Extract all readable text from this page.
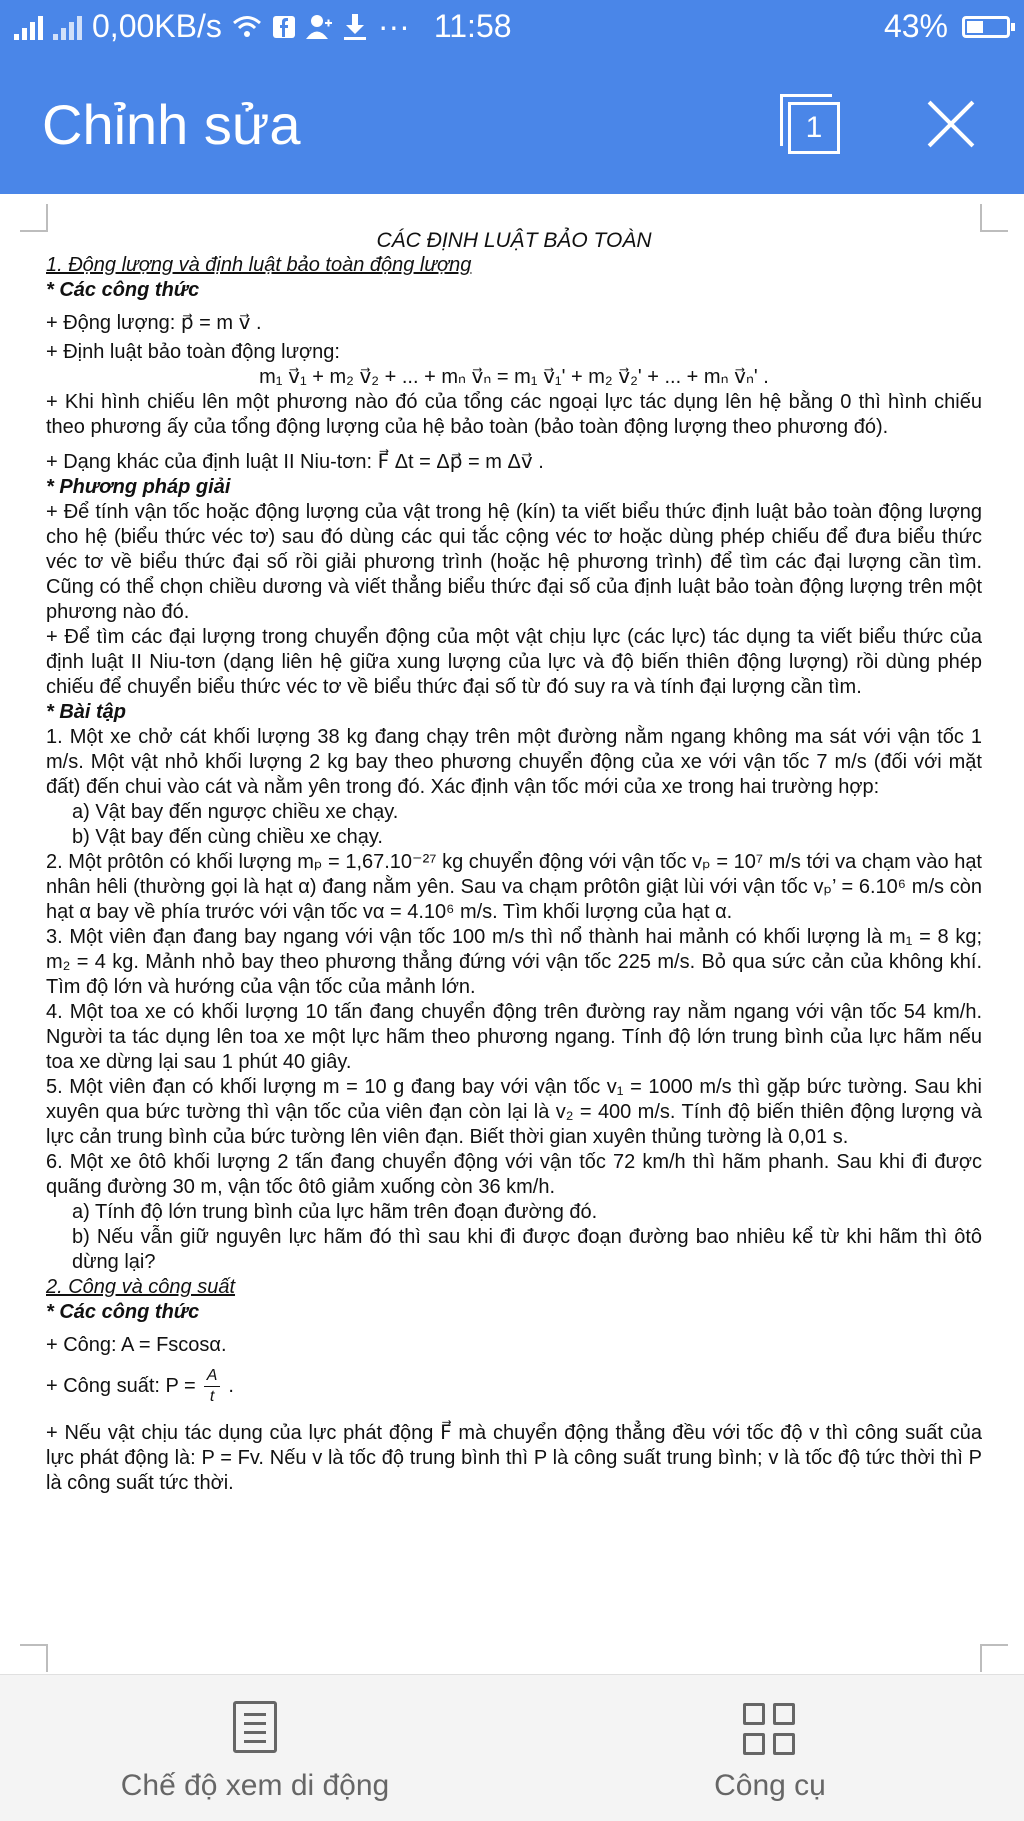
0,00KB/s	··· 11:58	43%
Chỉnh sửa	1

CÁC ĐỊNH LUẬT BẢO TOÀN

1. Động lượng và định luật bảo toàn động lượng

* Các công thức

+ Động lượng: p⃗ = m v⃗ .

+ Định luật bảo toàn động lượng:

m₁ v⃗₁ + m₂ v⃗₂ + ... + mₙ v⃗ₙ = m₁ v⃗₁' + m₂ v⃗₂' + ... + mₙ v⃗ₙ' .

+ Khi hình chiếu lên một phương nào đó của tổng các ngoại lực tác dụng lên hệ bằng 0 thì hình chiếu theo phương ấy của tổng động lượng của hệ bảo toàn (bảo toàn động lượng theo phương đó).

+ Dạng khác của định luật II Niu-tơn: F⃗ Δt = Δp⃗ = m Δv⃗ .

* Phương pháp giải

+ Để tính vận tốc hoặc động lượng của vật trong hệ (kín) ta viết biểu thức định luật bảo toàn động lượng cho hệ (biểu thức véc tơ) sau đó dùng các qui tắc cộng véc tơ hoặc dùng phép chiếu để đưa biểu thức véc tơ về biểu thức đại số rồi giải phương trình (hoặc hệ phương trình) để tìm các đại lượng cần tìm. Cũng có thể chọn chiều dương và viết thẳng biểu thức đại số của định luật bảo toàn động lượng trên một phương nào đó.

+ Để tìm các đại lượng trong chuyển động của một vật chịu lực (các lực) tác dụng ta viết biểu thức của định luật II Niu-tơn (dạng liên hệ giữa xung lượng của lực và độ biến thiên động lượng) rồi dùng phép chiếu để chuyển biểu thức véc tơ về biểu thức đại số từ đó suy ra và tính đại lượng cần tìm.

* Bài tập

1. Một xe chở cát khối lượng 38 kg đang chạy trên một đường nằm ngang không ma sát với vận tốc 1 m/s. Một vật nhỏ khối lượng 2 kg bay theo phương chuyển động của xe với vận tốc 7 m/s (đối với mặt đất) đến chui vào cát và nằm yên trong đó. Xác định vận tốc mới của xe trong hai trường hợp:

a) Vật bay đến ngược chiều xe chạy.

b) Vật bay đến cùng chiều xe chạy.

2. Một prôtôn có khối lượng mₚ = 1,67.10⁻²⁷ kg chuyển động với vận tốc vₚ = 10⁷ m/s tới va chạm vào hạt nhân hêli (thường gọi là hạt α) đang nằm yên. Sau va chạm prôtôn giật lùi với vận tốc vₚ’ = 6.10⁶ m/s còn hạt α bay về phía trước với vận tốc vα = 4.10⁶ m/s. Tìm khối lượng của hạt α.

3. Một viên đạn đang bay ngang với vận tốc 100 m/s thì nổ thành hai mảnh có khối lượng là m₁ = 8 kg; m₂ = 4 kg. Mảnh nhỏ bay theo phương thẳng đứng với vận tốc 225 m/s. Bỏ qua sức cản của không khí. Tìm độ lớn và hướng của vận tốc của mảnh lớn.

4. Một toa xe có khối lượng 10 tấn đang chuyển động trên đường ray nằm ngang với vận tốc 54 km/h. Người ta tác dụng lên toa xe một lực hãm theo phương ngang. Tính độ lớn trung bình của lực hãm nếu toa xe dừng lại sau 1 phút 40 giây.

5. Một viên đạn có khối lượng m = 10 g đang bay với vận tốc v₁ = 1000 m/s thì gặp bức tường. Sau khi xuyên qua bức tường thì vận tốc của viên đạn còn lại là v₂ = 400 m/s. Tính độ biến thiên động lượng và lực cản trung bình của bức tường lên viên đạn. Biết thời gian xuyên thủng tường là 0,01 s.

6. Một xe ôtô khối lượng 2 tấn đang chuyển động với vận tốc 72 km/h thì hãm phanh. Sau khi đi được quãng đường 30 m, vận tốc ôtô giảm xuống còn 36 km/h.

a) Tính độ lớn trung bình của lực hãm trên đoạn đường đó.

b) Nếu vẫn giữ nguyên lực hãm đó thì sau khi đi được đoạn đường bao nhiêu kể từ khi hãm thì ôtô dừng lại?

2. Công và công suất

* Các công thức

+ Công: A = Fscosα.

+ Công suất: $P = \frac{A}{t}$ .

+ Nếu vật chịu tác dụng của lực phát động F⃗ mà chuyển động thẳng đều với tốc độ v thì công suất của lực phát động là: P = Fv. Nếu v là tốc độ trung bình thì P là công suất trung bình; v là tốc độ tức thời thì P là công suất tức thời.

Chế độ xem di động	Công cụ
